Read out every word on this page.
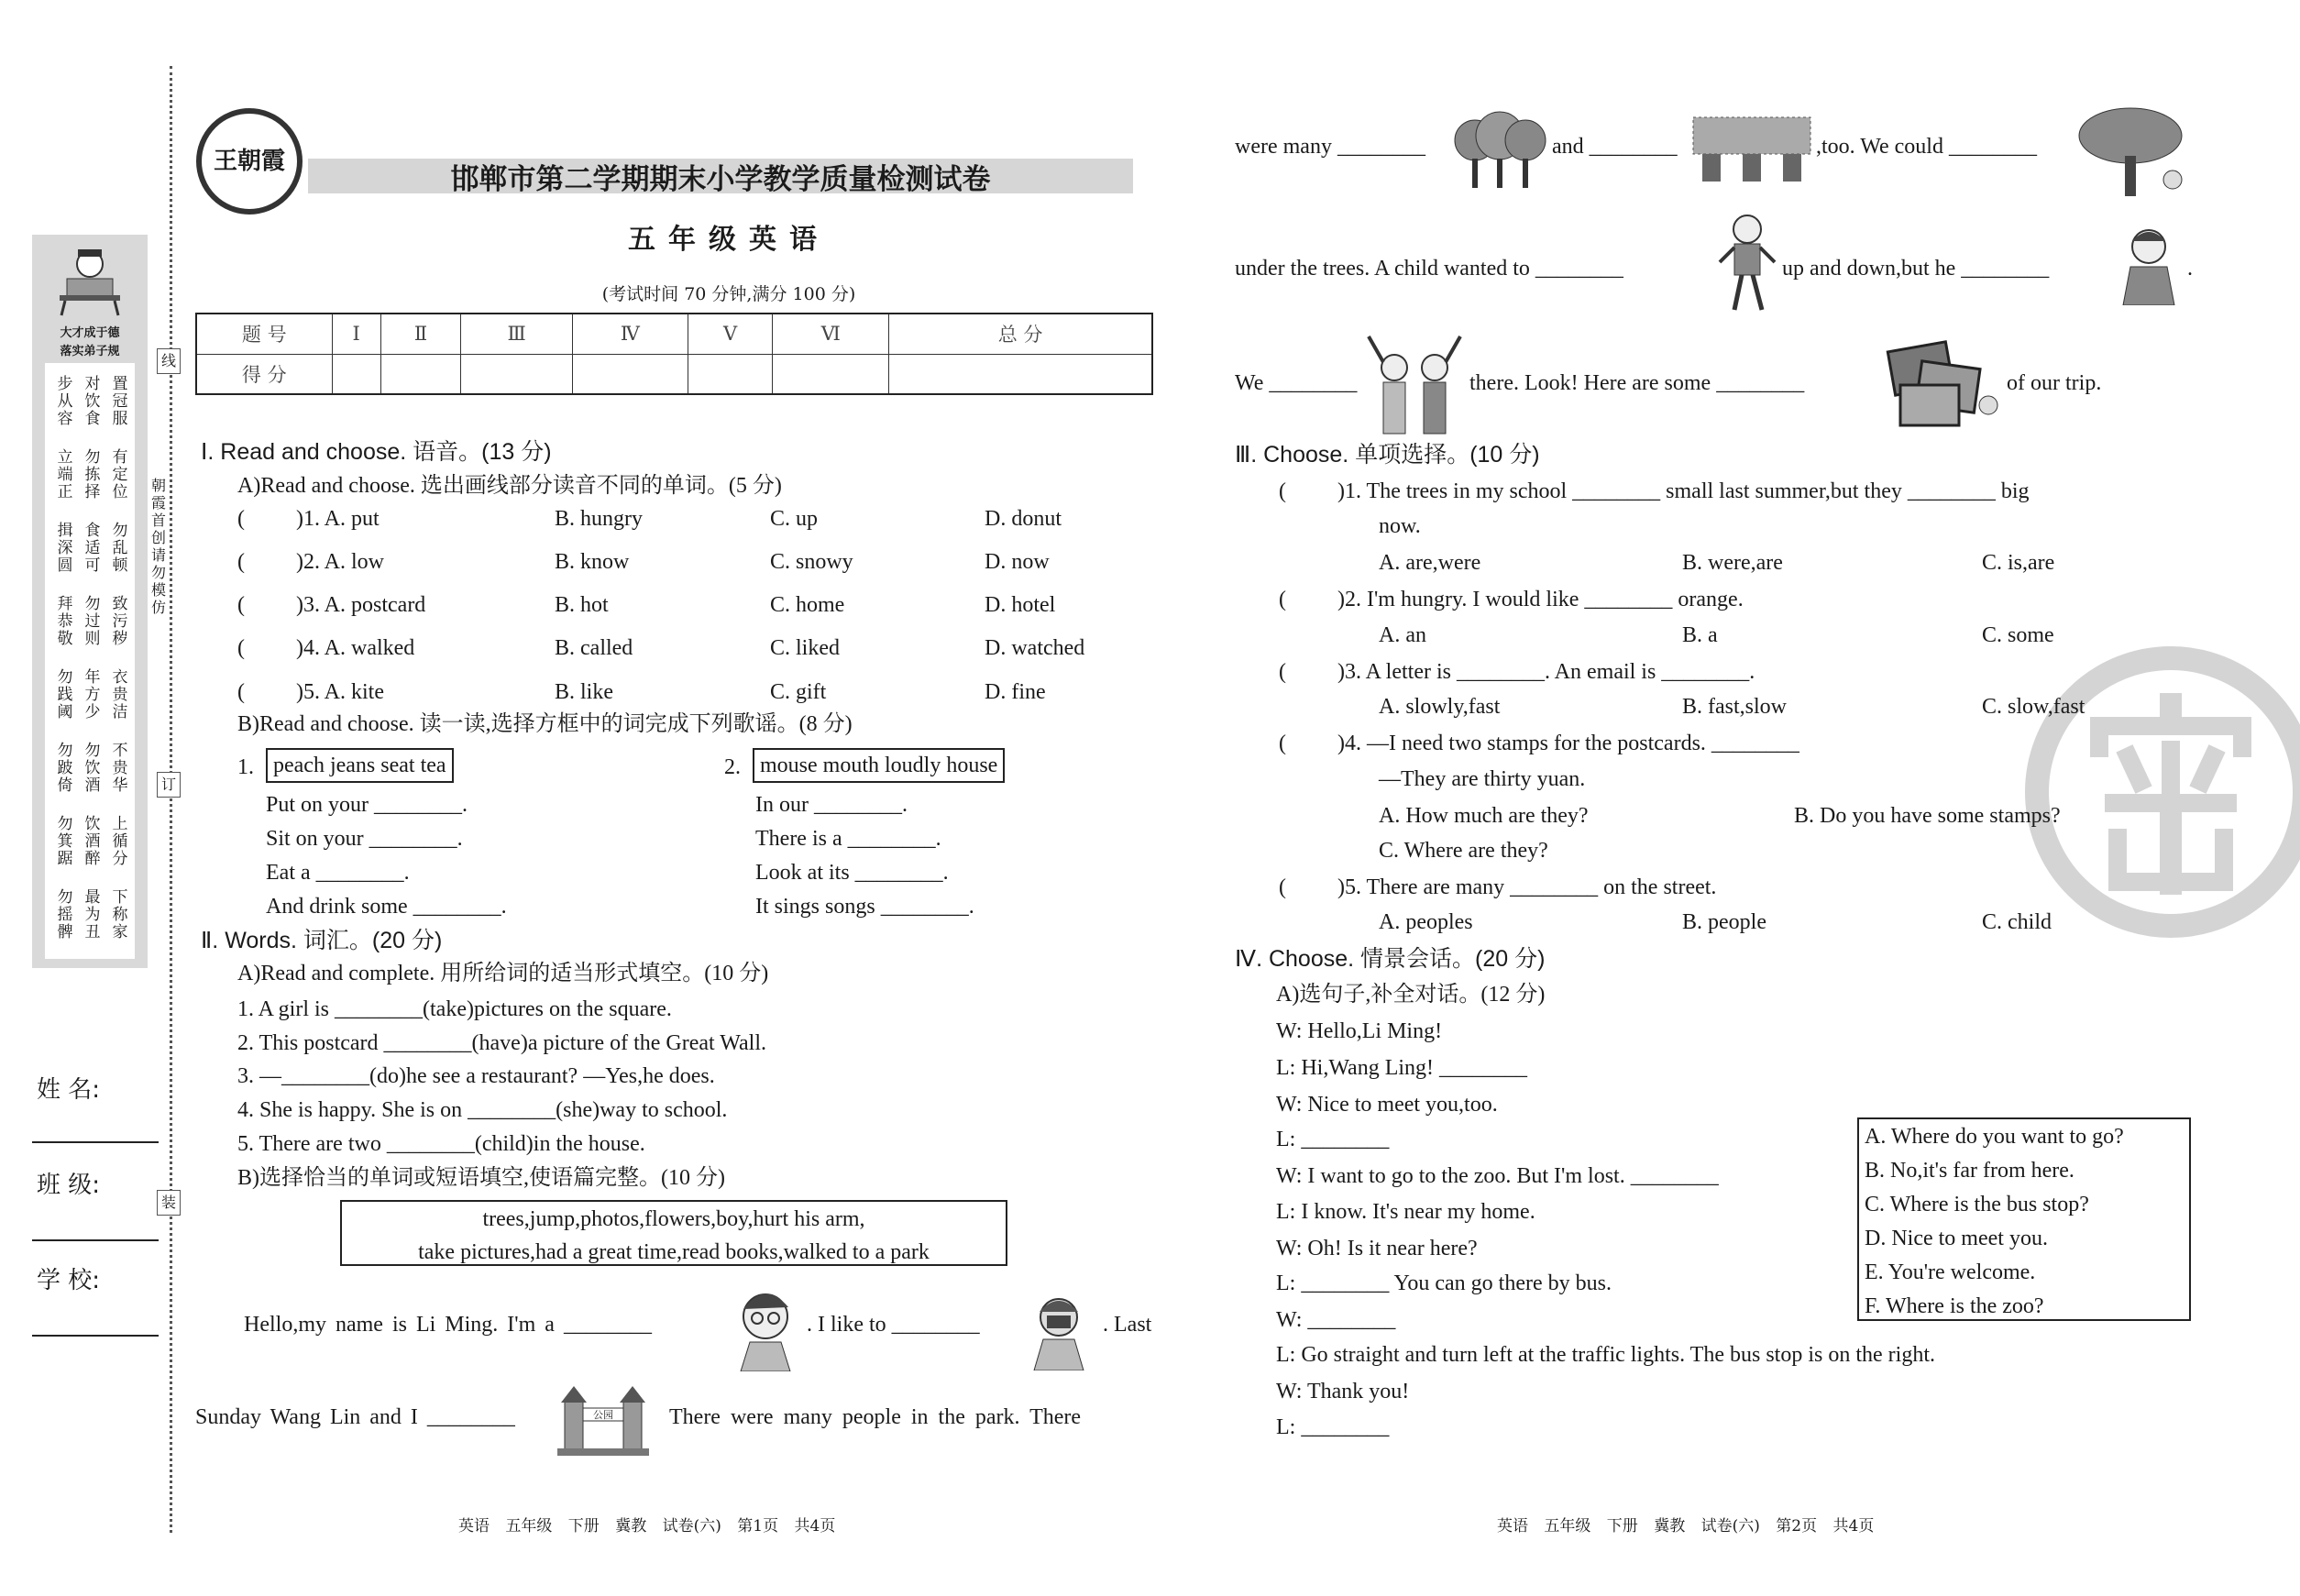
大才成于德
落实弟子规
步从容
对饮食
置冠服
立端正
勿拣择
有定位
揖深圆
食适可
勿乱顿
拜恭敬
勿过则
致污秽
勿践阈
年方少
衣贵洁
勿跛倚
勿饮酒
不贵华
勿箕踞
饮酒醉
上循分
勿摇髀
最为丑
下称家
线
订
装
朝霞首创 请勿模仿
姓 名:
班 级:
学 校:
王朝霞
邯郸市第二学期期末小学教学质量检测试卷
五年级英语
(考试时间 70 分钟,满分 100 分)
题 号	Ⅰ	Ⅱ	Ⅲ	Ⅳ	Ⅴ	Ⅵ	总 分
得 分							
Ⅰ. Read and choose. 语音。(13 分)
A)Read and choose. 选出画线部分读音不同的单词。(5 分)
( )1. A. put	B. hungry	C. up	D. donut
( )2. A. low	B. know	C. snowy	D. now
( )3. A. postcard	B. hot	C. home	D. hotel
( )4. A. walked	B. called	C. liked	D. watched
( )5. A. kite	B. like	C. gift	D. fine
B)Read and choose. 读一读,选择方框中的词完成下列歌谣。(8 分)
1. peach jeans seat tea	2. mouse mouth loudly house
Put on your ________.	In our ________.
Sit on your ________.	There is a ________.
Eat a ________.	Look at its ________.
And drink some ________.	It sings songs ________.
Ⅱ. Words. 词汇。(20 分)
A)Read and complete. 用所给词的适当形式填空。(10 分)
1. A girl is ________(take)pictures on the square.
2. This postcard ________(have)a picture of the Great Wall.
3. —________(do)he see a restaurant? —Yes,he does.
4. She is happy. She is on ________(she)way to school.
5. There are two ________(child)in the house.
B)选择恰当的单词或短语填空,使语篇完整。(10 分)
trees,jump,photos,flowers,boy,hurt his arm,
take pictures,had a great time,read books,walked to a park
Hello,my name is Li Ming. I'm a ________	. I like to ________	. Last
Sunday Wang Lin and I ________	公园	There were many people in the park. There
英语 五年级 下册 冀教 试卷(六) 第1页 共4页
were many ________	and ________	,too. We could ________
under the trees. A child wanted to ________	up and down,but he ________	.
We ________	there. Look! Here are some ________	of our trip.
Ⅲ. Choose. 单项选择。(10 分)
( )1. The trees in my school ________ small last summer,but they ________ big
now.
A. are,were	B. were,are	C. is,are
( )2. I'm hungry. I would like ________ orange.
A. an	B. a	C. some
( )3. A letter is ________. An email is ________.
A. slowly,fast	B. fast,slow	C. slow,fast
( )4. —I need two stamps for the postcards. ________
—They are thirty yuan.
A. How much are they?	B. Do you have some stamps?
C. Where are they?
( )5. There are many ________ on the street.
A. peoples	B. people	C. child
Ⅳ. Choose. 情景会话。(20 分)
A)选句子,补全对话。(12 分)
W: Hello,Li Ming!
L: Hi,Wang Ling! ________
W: Nice to meet you,too.
L: ________
W: I want to go to the zoo. But I'm lost. ________
L: I know. It's near my home.
W: Oh! Is it near here?
L: ________ You can go there by bus.
W: ________
L: Go straight and turn left at the traffic lights. The bus stop is on the right.
W: Thank you!
L: ________
A. Where do you want to go?
B. No,it's far from here.
C. Where is the bus stop?
D. Nice to meet you.
E. You're welcome.
F. Where is the zoo?
英语 五年级 下册 冀教 试卷(六) 第2页 共4页
